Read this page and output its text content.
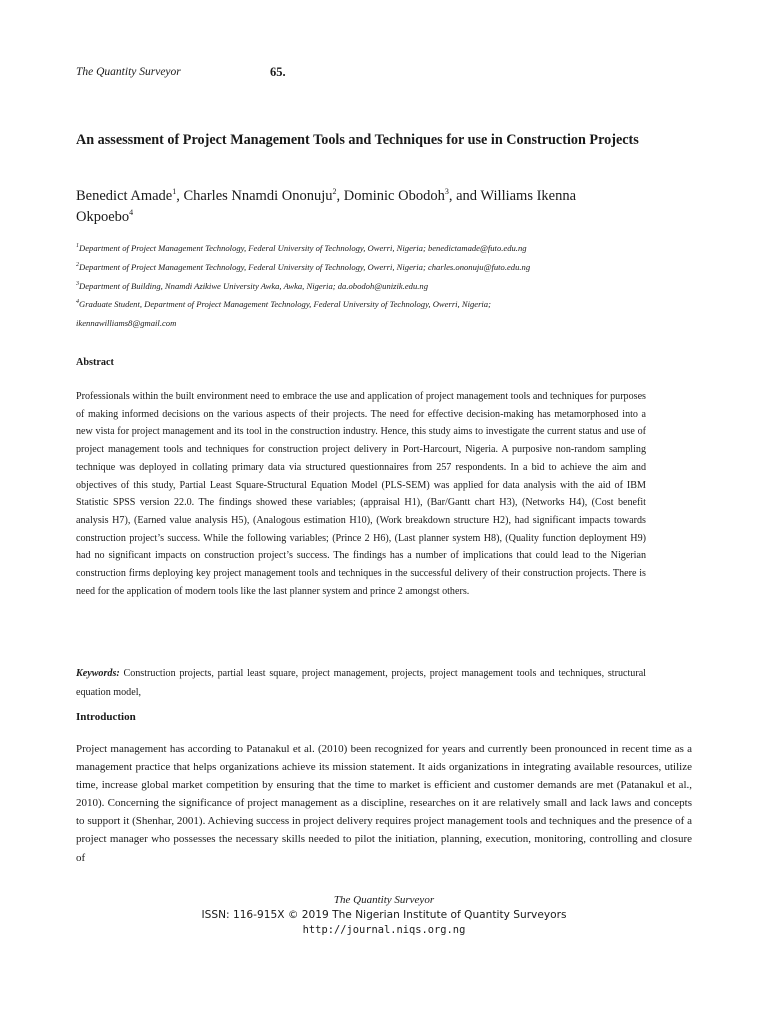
The Quantity Surveyor	65.
An assessment of Project Management Tools and Techniques for use in Construction Projects
Benedict Amade$^1$, Charles Nnamdi Ononuju$^2$, Dominic Obodoh$^3$, and Williams Ikenna Okpoebo$^4$
$^1$Department of Project Management Technology, Federal University of Technology, Owerri, Nigeria; benedictamade@futo.edu.ng
$^2$Department of Project Management Technology, Federal University of Technology, Owerri, Nigeria; charles.ononuju@futo.edu.ng
$^3$Department of Building, Nnamdi Azikiwe University Awka, Awka, Nigeria; da.obodoh@unizik.edu.ng
$^4$Graduate Student, Department of Project Management Technology, Federal University of Technology, Owerri, Nigeria;
ikennawilliams8@gmail.com
Abstract

Professionals within the built environment need to embrace the use and application of project management tools and techniques for purposes of making informed decisions on the various aspects of their projects. The need for effective decision-making has metamorphosed into a new vista for project management and its tool in the construction industry. Hence, this study aims to investigate the current status and use of project management tools and techniques for construction project delivery in Port-Harcourt, Nigeria. A purposive non-random sampling technique was deployed in collating primary data via structured questionnaires from 257 respondents. In a bid to achieve the aim and objectives of this study, Partial Least Square-Structural Equation Model (PLS-SEM) was applied for data analysis with the aid of IBM Statistic SPSS version 22.0. The findings showed these variables; (appraisal H1), (Bar/Gantt chart H3), (Networks H4), (Cost benefit analysis H7), (Earned value analysis H5), (Analogous estimation H10), (Work breakdown structure H2), had significant impacts towards construction project’s success. While the following variables; (Prince 2 H6), (Last planner system H8), (Quality function deployment H9) had no significant impacts on construction project’s success. The findings has a number of implications that could lead to the Nigerian construction firms deploying key project management tools and techniques in the successful delivery of their construction projects. There is need for the application of modern tools like the last planner system and prince 2 amongst others.

Keywords: Construction projects, partial least square, project management, projects, project management tools and techniques, structural equation model,

Introduction

Project management has according to Patanakul et al. (2010) been recognized for years and currently been pronounced in recent time as a management practice that helps organizations achieve its mission statement. It aids organizations in integrating available resources, utilize time, increase global market competition by ensuring that the time to market is efficient and customer demands are met (Patanakul et al., 2010). Concerning the significance of project management as a discipline, researches on it are relatively small and lack laws and concepts to support it (Shenhar, 2001). Achieving success in project delivery requires project management tools and techniques and the presence of a project manager who possesses the necessary skills needed to pilot the initiation, planning, execution, monitoring, controlling and closure of

The Quantity Surveyor
ISSN: 116-915X © 2019 The Nigerian Institute of Quantity Surveyors
http://journal.niqs.org.ng
